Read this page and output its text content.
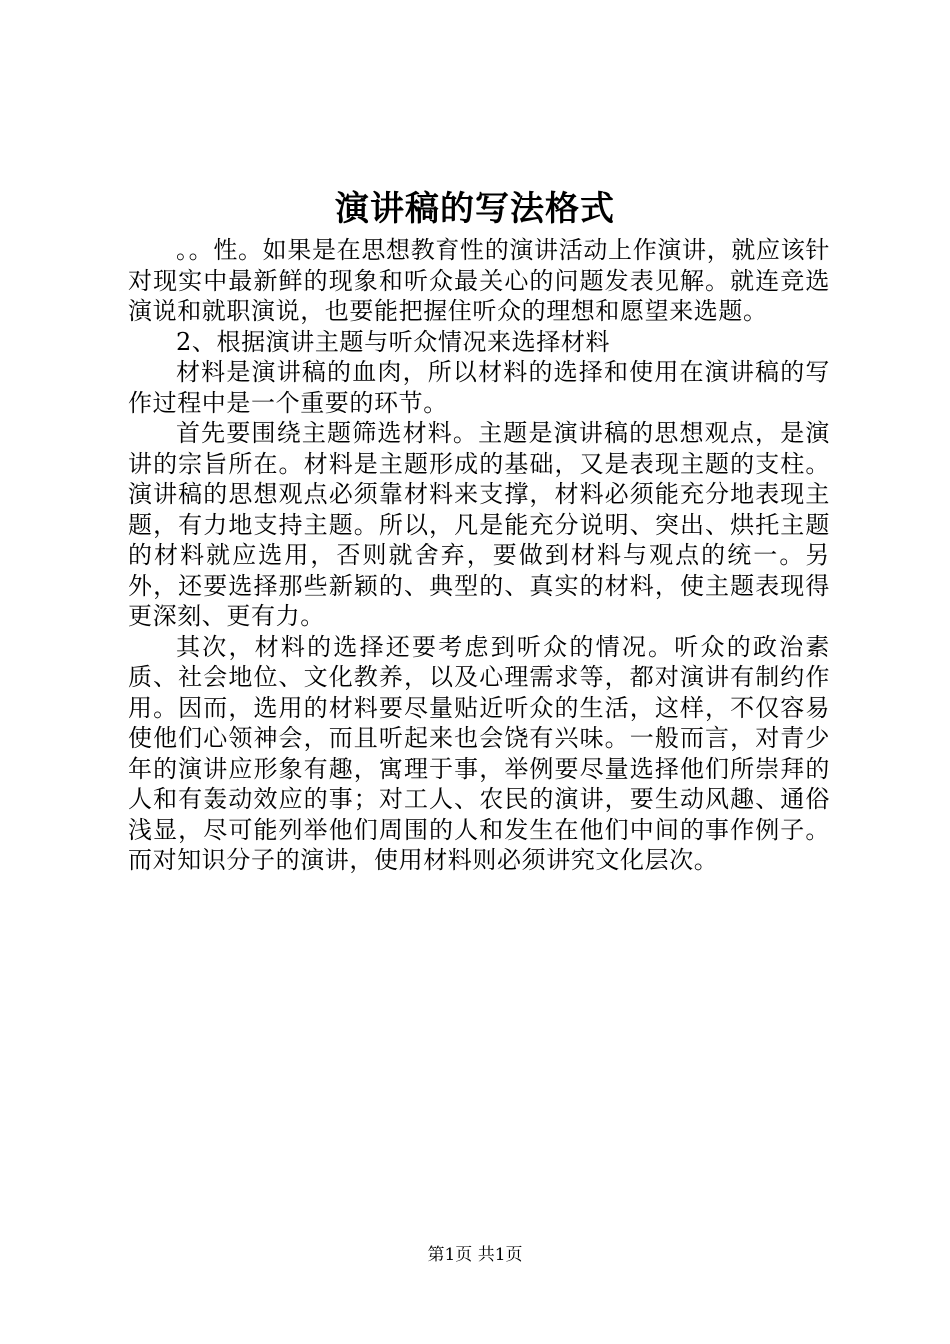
演讲稿的写法格式

。。性。如果是在思想教育性的演讲活动上作演讲，就应该针对现实中最新鲜的现象和听众最关心的问题发表见解。就连竞选演说和就职演说，也要能把握住听众的理想和愿望来选题。

2、根据演讲主题与听众情况来选择材料

材料是演讲稿的血肉，所以材料的选择和使用在演讲稿的写作过程中是一个重要的环节。

首先要围绕主题筛选材料。主题是演讲稿的思想观点，是演讲的宗旨所在。材料是主题形成的基础，又是表现主题的支柱。演讲稿的思想观点必须靠材料来支撑，材料必须能充分地表现主题，有力地支持主题。所以，凡是能充分说明、突出、烘托主题的材料就应选用，否则就舍弃，要做到材料与观点的统一。另外，还要选择那些新颖的、典型的、真实的材料，使主题表现得更深刻、更有力。

其次，材料的选择还要考虑到听众的情况。听众的政治素质、社会地位、文化教养，以及心理需求等，都对演讲有制约作用。因而，选用的材料要尽量贴近听众的生活，这样，不仅容易使他们心领神会，而且听起来也会饶有兴味。一般而言，对青少年的演讲应形象有趣，寓理于事，举例要尽量选择他们所崇拜的人和有轰动效应的事；对工人、农民的演讲，要生动风趣、通俗浅显，尽可能列举他们周围的人和发生在他们中间的事作例子。而对知识分子的演讲，使用材料则必须讲究文化层次。

第1页 共1页
